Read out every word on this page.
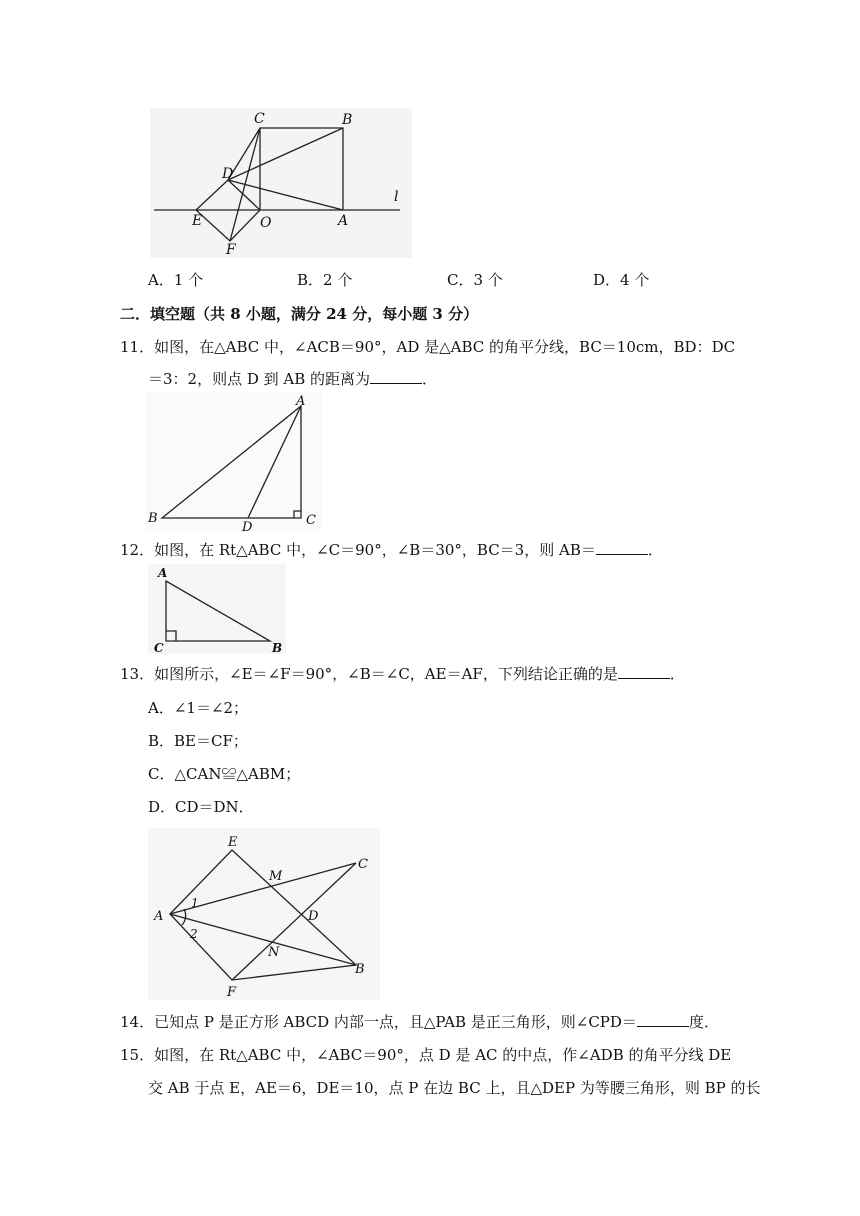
C	B
D
l
E	O	A
F
A．1 个	B．2 个	C．3 个	D．4 个
二．填空题（共 8 小题，满分 24 分，每小题 3 分）
11．如图，在△ABC 中，∠ACB＝90°，AD 是△ABC 的角平分线，BC＝10cm，BD：DC
＝3：2，则点 D 到 AB 的距离为	．
A
B	C
D
12．如图，在 Rt△ABC 中，∠C＝90°，∠B＝30°，BC＝3，则 AB＝	．
A
C	B
13．如图所示，∠E＝∠F＝90°，∠B＝∠C，AE＝AF，下列结论正确的是	．
A．∠1＝∠2；
B．BE＝CF；
C．△CAN≌△ABM；
D．CD＝DN．
E
M
C
A
1
D
2
N
B
F
14．已知点 P 是正方形 ABCD 内部一点，且△PAB 是正三角形，则∠CPD＝	度．
15．如图，在 Rt△ABC 中，∠ABC＝90°，点 D 是 AC 的中点，作∠ADB 的角平分线 DE
交 AB 于点 E，AE＝6，DE＝10，点 P 在边 BC 上，且△DEP 为等腰三角形，则 BP 的长
